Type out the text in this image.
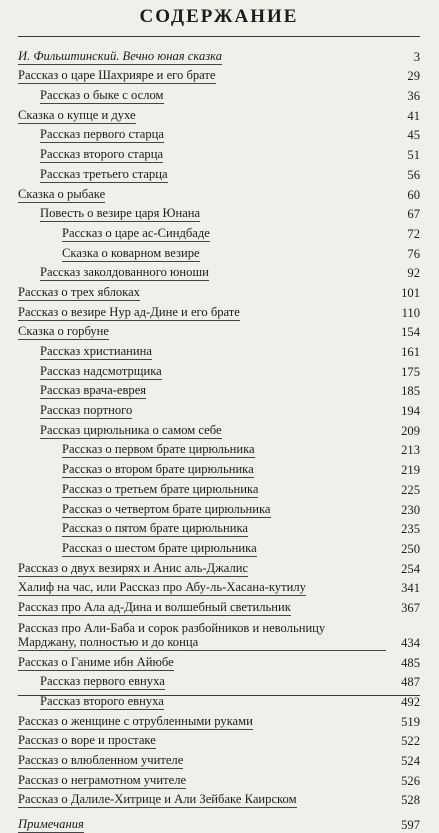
СОДЕРЖАНИЕ
И. Фильштинский. Вечно юная сказка	3
Рассказ о царе Шахрияре и его брате	29
Рассказ о быке с ослом	36
Сказка о купце и духе	41
Рассказ первого старца	45
Рассказ второго старца	51
Рассказ третьего старца	56
Сказка о рыбаке	60
Повесть о везире царя Юнана	67
Рассказ о царе ас-Синдбаде	72
Сказка о коварном везире	76
Рассказ заколдованного юноши	92
Рассказ о трех яблоках	101
Рассказ о везире Нур ад-Дине и его брате	110
Сказка о горбуне	154
Рассказ христианина	161
Рассказ надсмотрщика	175
Рассказ врача-еврея	185
Рассказ портного	194
Рассказ цирюльника о самом себе	209
Рассказ о первом брате цирюльника	213
Рассказ о втором брате цирюльника	219
Рассказ о третьем брате цирюльника	225
Рассказ о четвертом брате цирюльника	230
Рассказ о пятом брате цирюльника	235
Рассказ о шестом брате цирюльника	250
Рассказ о двух везирях и Анис аль-Джалис	254
Халиф на час, или Рассказ про Абу-ль-Хасана-кутилу	341
Рассказ про Ала ад-Дина и волшебный светильник	367
Рассказ про Али-Баба и сорок разбойников и невольницу Марджану, полностью и до конца	434
Рассказ о Ганиме ибн Айюбе	485
Рассказ первого евнуха	487
Рассказ второго евнуха	492
Рассказ о женщине с отрубленными руками	519
Рассказ о воре и простаке	522
Рассказ о влюбленном учителе	524
Рассказ о неграмотном учителе	526
Рассказ о Далиле-Хитрице и Али Зейбаке Каирском	528
Примечания	597
